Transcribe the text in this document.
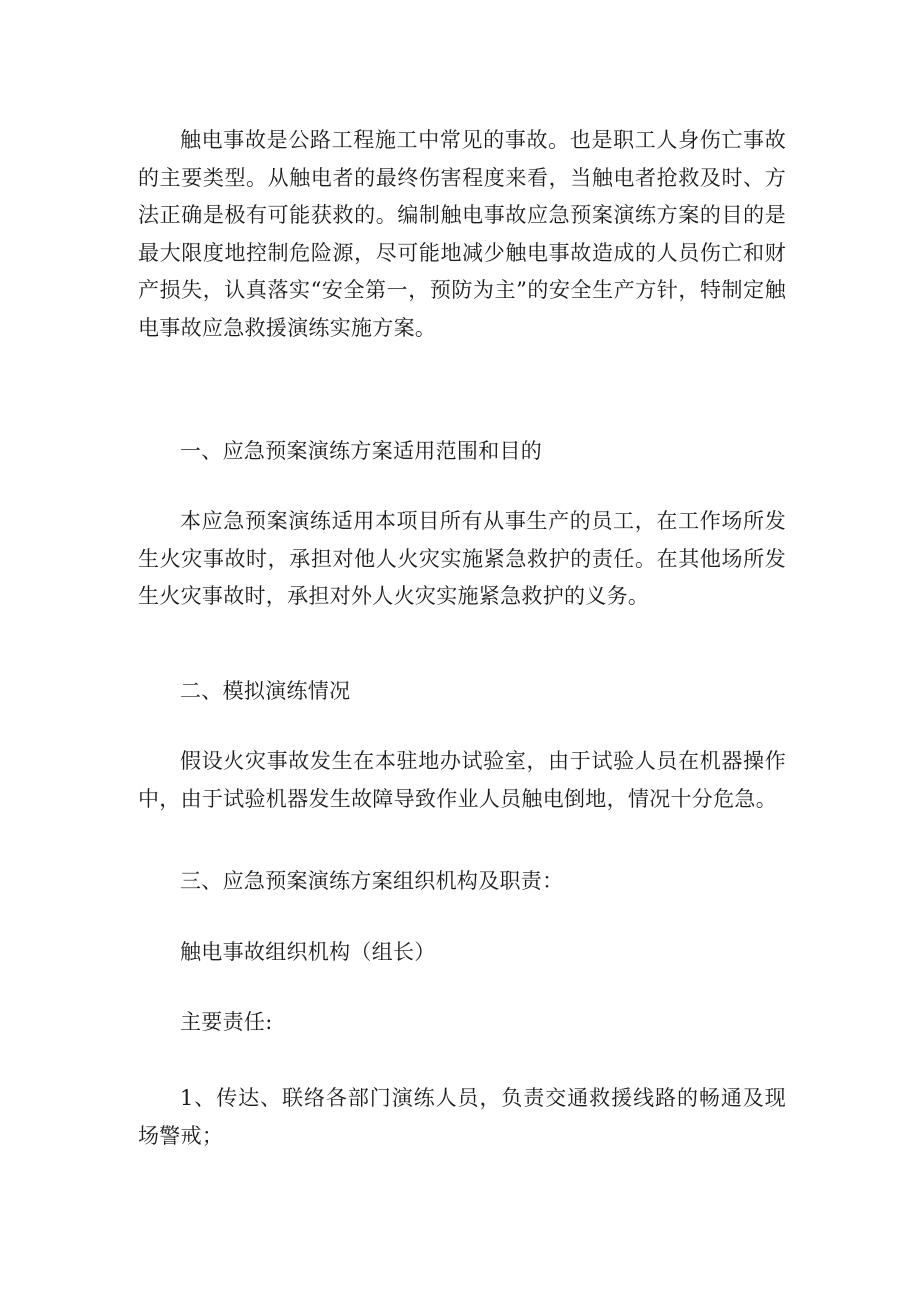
触电事故是公路工程施工中常见的事故。也是职工人身伤亡事故的主要类型。从触电者的最终伤害程度来看，当触电者抢救及时、方法正确是极有可能获救的。编制触电事故应急预案演练方案的目的是最大限度地控制危险源，尽可能地减少触电事故造成的人员伤亡和财产损失，认真落实“安全第一，预防为主”的安全生产方针，特制定触电事故应急救援演练实施方案。

一、应急预案演练方案适用范围和目的

本应急预案演练适用本项目所有从事生产的员工，在工作场所发生火灾事故时，承担对他人火灾实施紧急救护的责任。在其他场所发生火灾事故时，承担对外人火灾实施紧急救护的义务。

二、模拟演练情况

假设火灾事故发生在本驻地办试验室，由于试验人员在机器操作中，由于试验机器发生故障导致作业人员触电倒地，情况十分危急。

三、应急预案演练方案组织机构及职责：

触电事故组织机构（组长）

主要责任:

1、传达、联络各部门演练人员，负责交通救援线路的畅通及现场警戒；
